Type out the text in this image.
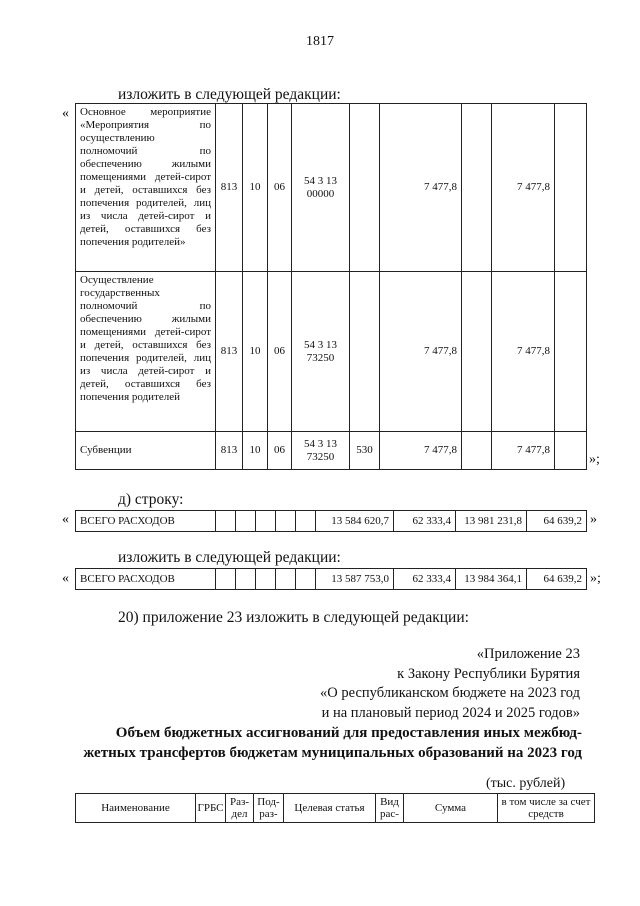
1817
изложить в следующей редакции:
« Основное мероприятие «Мероприятия по осуществлению полномочий по обеспечению жилыми помещениями детей-сирот и детей, оставшихся без попечения родителей, лиц из числа детей-сирот и детей, оставшихся без попечения родителей»	813	10	06	54 3 13 00000		7 477,8		7 477,8	
Осуществление государственных полномочий по обеспечению жилыми помещениями детей-сирот и детей, оставшихся без попечения родителей, лиц из числа детей-сирот и детей, оставшихся без попечения родителей	813	10	06	54 3 13 73250		7 477,8		7 477,8	
Субвенции	813	10	06	54 3 13 73250	530	7 477,8		7 477,8	
»;
д) строку:
« ВСЕГО РАСХОДОВ						13 584 620,7	62 333,4	13 981 231,8	64 639,2 »
изложить в следующей редакции:
« ВСЕГО РАСХОДОВ						13 587 753,0	62 333,4	13 984 364,1	64 639,2 »;
20) приложение 23 изложить в следующей редакции:
«Приложение 23
к Закону Республики Бурятия
«О республиканском бюджете на 2023 год
и на плановый период 2024 и 2025 годов»
Объем бюджетных ассигнований для предоставления иных межбюд-
жетных трансфертов бюджетам муниципальных образований на 2023 год
(тыс. рублей)
Наименование	ГРБС	Раз-дел	Под-раз-	Целевая статья	Вид рас-	Сумма	в том числе за счет средств
